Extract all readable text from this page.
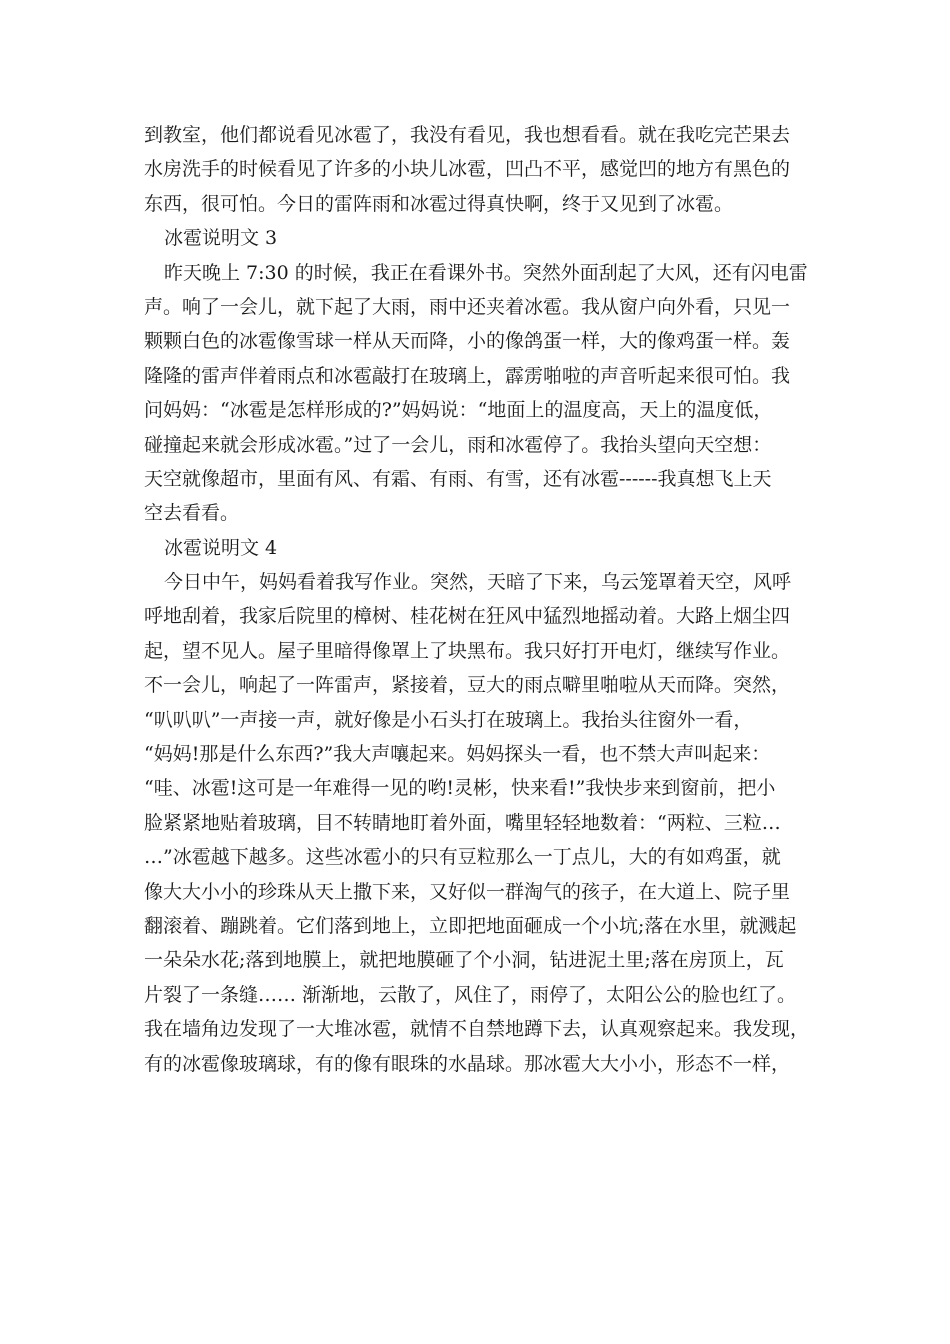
到教室，他们都说看见冰雹了，我没有看见，我也想看看。就在我吃完芒果去
水房洗手的时候看见了许多的小块儿冰雹，凹凸不平，感觉凹的地方有黑色的
东西，很可怕。今日的雷阵雨和冰雹过得真快啊，终于又见到了冰雹。
冰雹说明文 3
昨天晚上 7:30 的时候，我正在看课外书。突然外面刮起了大风，还有闪电雷
声。响了一会儿，就下起了大雨，雨中还夹着冰雹。我从窗户向外看，只见一
颗颗白色的冰雹像雪球一样从天而降，小的像鸽蛋一样，大的像鸡蛋一样。轰
隆隆的雷声伴着雨点和冰雹敲打在玻璃上，霹雳啪啦的声音听起来很可怕。我
问妈妈：“冰雹是怎样形成的?”妈妈说：“地面上的温度高，天上的温度低，
碰撞起来就会形成冰雹。”过了一会儿，雨和冰雹停了。我抬头望向天空想：
天空就像超市，里面有风、有霜、有雨、有雪，还有冰雹------我真想飞上天
空去看看。
冰雹说明文 4
今日中午，妈妈看着我写作业。突然，天暗了下来，乌云笼罩着天空，风呼
呼地刮着，我家后院里的樟树、桂花树在狂风中猛烈地摇动着。大路上烟尘四
起，望不见人。屋子里暗得像罩上了块黑布。我只好打开电灯，继续写作业。
不一会儿，响起了一阵雷声，紧接着，豆大的雨点噼里啪啦从天而降。突然，
“叭叭叭”一声接一声，就好像是小石头打在玻璃上。我抬头往窗外一看，
“妈妈!那是什么东西?”我大声嚷起来。妈妈探头一看，也不禁大声叫起来：
“哇、冰雹!这可是一年难得一见的哟!灵彬，快来看!”我快步来到窗前，把小
脸紧紧地贴着玻璃，目不转睛地盯着外面，嘴里轻轻地数着：“两粒、三粒…
…”冰雹越下越多。这些冰雹小的只有豆粒那么一丁点儿，大的有如鸡蛋，就
像大大小小的珍珠从天上撒下来，又好似一群淘气的孩子，在大道上、院子里
翻滚着、蹦跳着。它们落到地上，立即把地面砸成一个小坑;落在水里，就溅起
一朵朵水花;落到地膜上，就把地膜砸了个小洞，钻进泥土里;落在房顶上，瓦
片裂了一条缝…… 渐渐地，云散了，风住了，雨停了，太阳公公的脸也红了。
我在墙角边发现了一大堆冰雹，就情不自禁地蹲下去，认真观察起来。我发现，
有的冰雹像玻璃球，有的像有眼珠的水晶球。那冰雹大大小小，形态不一样，
